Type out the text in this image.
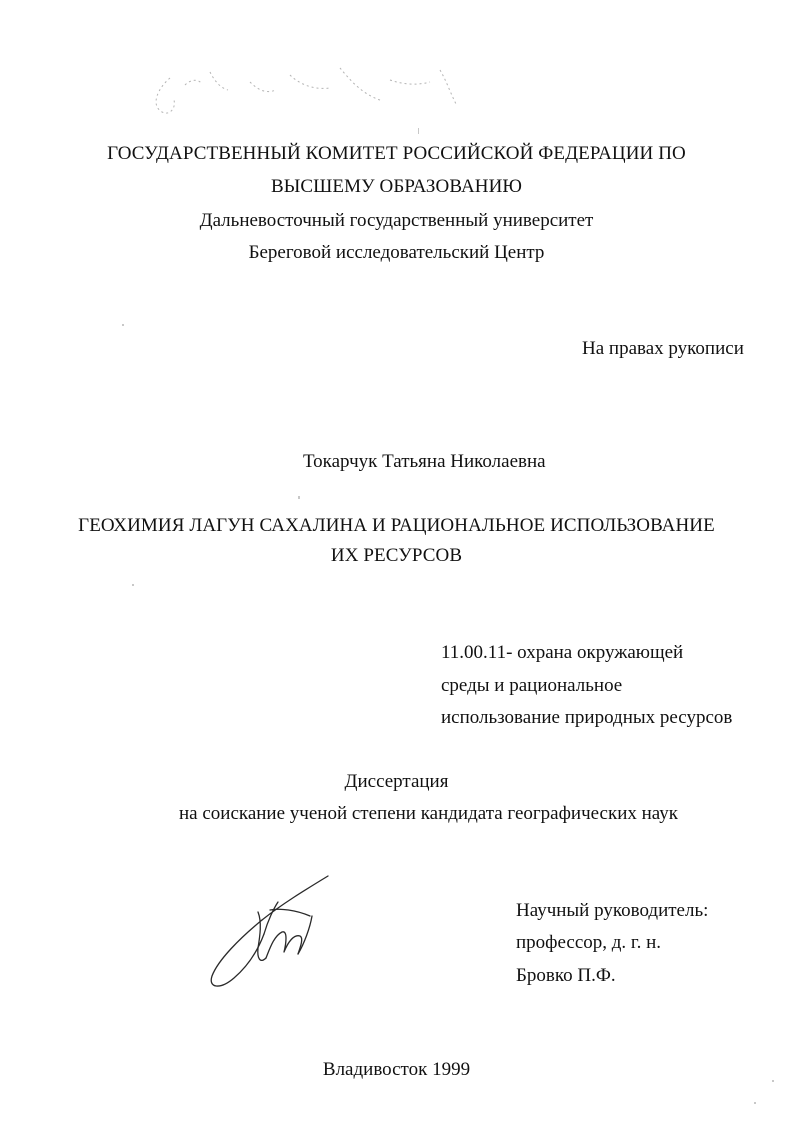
ГОСУДАРСТВЕННЫЙ КОМИТЕТ РОССИЙСКОЙ ФЕДЕРАЦИИ ПО
ВЫСШЕМУ ОБРАЗОВАНИЮ
Дальневосточный государственный университет
Береговой исследовательский Центр
На правах рукописи
Токарчук Татьяна Николаевна
ГЕОХИМИЯ ЛАГУН САХАЛИНА И РАЦИОНАЛЬНОЕ ИСПОЛЬЗОВАНИЕ
ИХ РЕСУРСОВ
11.00.11- охрана окружающей
среды и рациональное
использование природных ресурсов
Диссертация
на соискание ученой степени кандидата географических наук
Научный руководитель:
профессор, д. г. н.
Бровко П.Ф.
Владивосток 1999
